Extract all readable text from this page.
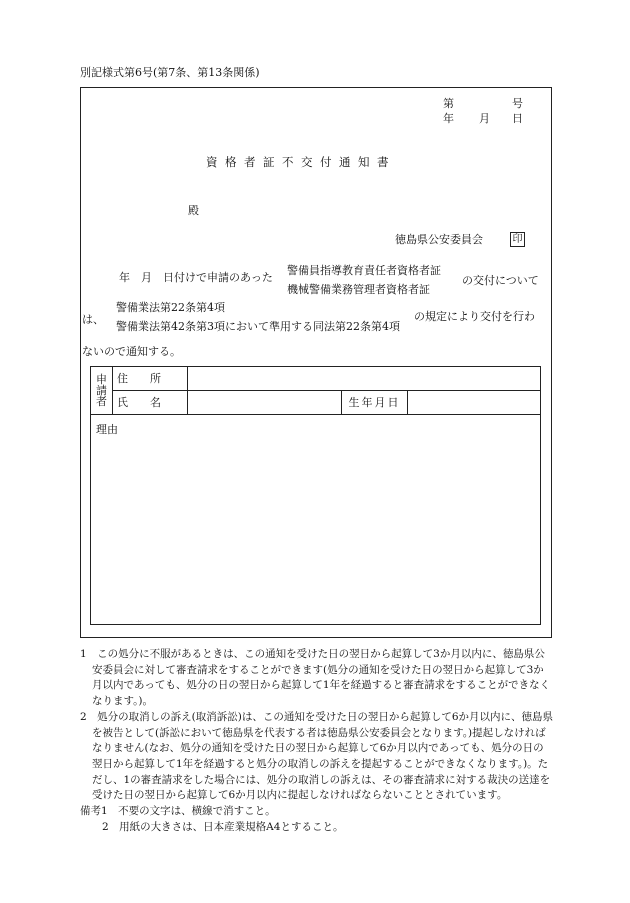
別記様式第6号(第7条、第13条関係)
第	号
年 月 日
資格者証不交付通知書
殿
徳島県公安委員会	印
年　月　日付けで申請のあった
警備員指導教育責任者資格者証
機械警備業務管理者資格者証
の交付について
は、
警備業法第22条第4項
警備業法第42条第3項において準用する同法第22条第4項
の規定により交付を行わ
ないので通知する。
申
請
者	住　　所			
	氏　　名		生年月日	
理由

1　この処分に不服があるときは、この通知を受けた日の翌日から起算して3か月以内に、徳島県公安委員会に対して審査請求をすることができます(処分の通知を受けた日の翌日から起算して3か月以内であっても、処分の日の翌日から起算して1年を経過すると審査請求をすることができなくなります。)。

2　処分の取消しの訴え(取消訴訟)は、この通知を受けた日の翌日から起算して6か月以内に、徳島県を被告として(訴訟において徳島県を代表する者は徳島県公安委員会となります。)提起しなければなりません(なお、処分の通知を受けた日の翌日から起算して6か月以内であっても、処分の日の翌日から起算して1年を経過すると処分の取消しの訴えを提起することができなくなります。)。ただし、1の審査請求をした場合には、処分の取消しの訴えは、その審査請求に対する裁決の送達を受けた日の翌日から起算して6か月以内に提起しなければならないこととされています。

備考1　不要の文字は、横線で消すこと。

2　用紙の大きさは、日本産業規格A4とすること。
